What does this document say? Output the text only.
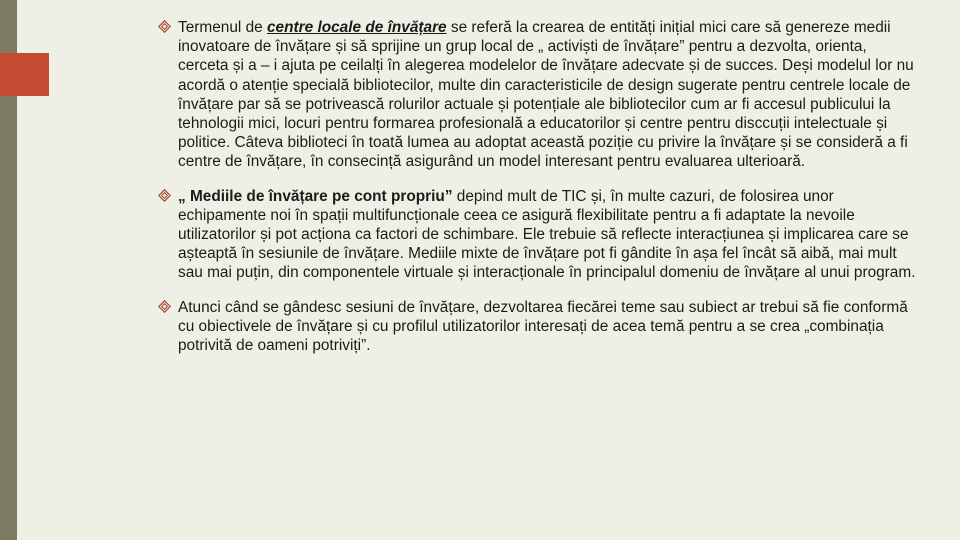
Termenul de centre locale de învățare se referă la crearea de entități inițial mici care să genereze medii inovatoare de învățare și să sprijine un grup local de „ activiști de învățare” pentru a dezvolta, orienta, cerceta și a – i ajuta pe ceilalți în alegerea modelelor de învățare adecvate și de succes. Deși modelul lor nu acordă o atenție specială bibliotecilor, multe din caracteristicile de design sugerate pentru centrele locale de învățare par să se potrivească rolurilor actuale și potențiale ale bibliotecilor cum ar fi accesul publicului la tehnologii mici, locuri pentru formarea profesională a educatorilor și centre pentru disccuții intelectuale și politice. Câteva biblioteci în toată lumea au adoptat această poziție cu privire la învățare și se consideră a fi centre de învățare, în consecință asigurând un model interesant pentru evaluarea ulterioară.
„ Mediile de învățare pe cont propriu” depind mult de TIC și, în multe cazuri, de folosirea unor echipamente noi în spații multifuncționale ceea ce asigură flexibilitate pentru a fi adaptate la nevoile utilizatorilor și pot acționa ca factori de schimbare. Ele trebuie să reflecte interacțiunea și implicarea care se așteaptă în sesiunile de învățare. Mediile mixte de învățare pot fi gândite în așa fel încât să aibă, mai mult sau mai puțin, din componentele virtuale și interacționale în principalul domeniu de învățare al unui program.
Atunci când se gândesc sesiuni de învățare, dezvoltarea fiecărei teme sau subiect ar trebui să fie conformă cu obiectivele de învățare și cu profilul utilizatorilor interesați de acea temă pentru a se crea „combinația potrivită de oameni potriviți”.
